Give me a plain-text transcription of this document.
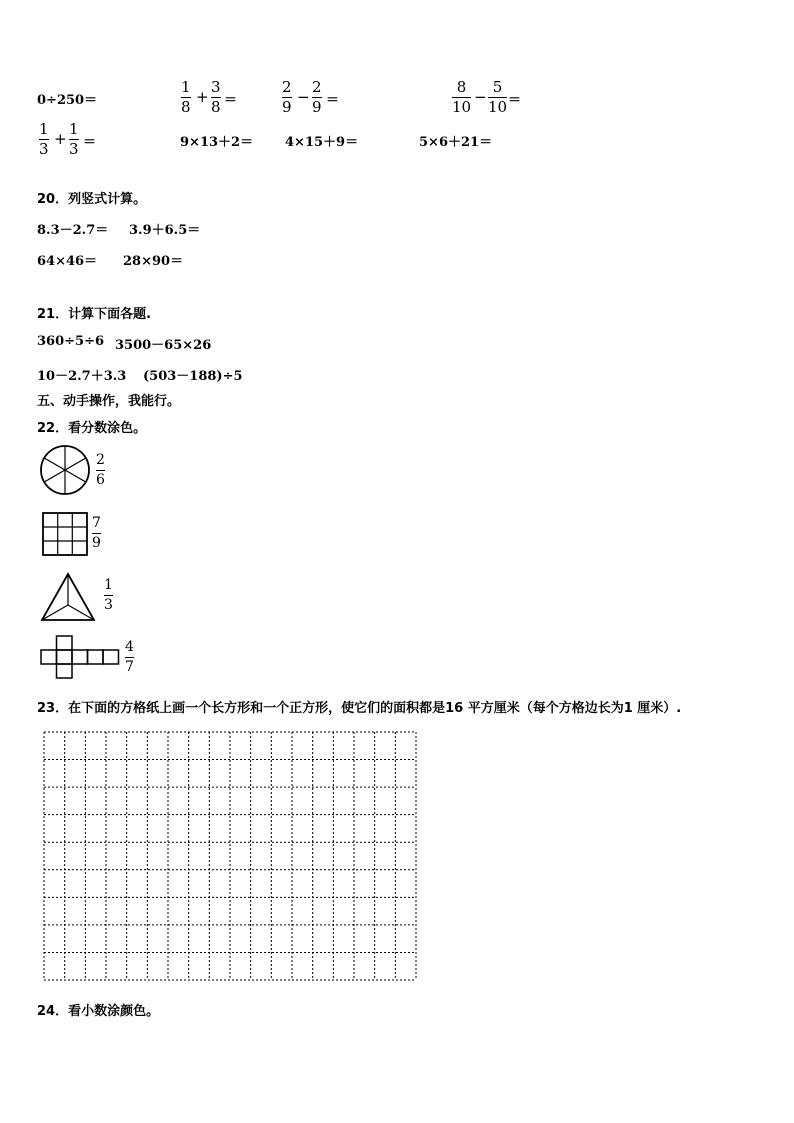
0÷250＝
1
8
+
3
8 ＝
2
9
−
2
9 ＝
8
10
−
5
10 ＝
1
3
+
1
3 ＝	9×13＋2＝ 4×15＋9＝	5×6＋21＝
20．列竖式计算。
8.3－2.7＝ 3.9＋6.5＝
64×46＝ 28×90＝
21．计算下面各题.
360÷5÷6 3500－65×26
10－2.7＋3.3 (503－188)÷5
五、动手操作，我能行。
22．看分数涂色。
2
6
7
9
1
3
4
7
23．在下面的方格纸上画一个长方形和一个正方形，使它们的面积都是16 平方厘米（每个方格边长为1 厘米）.
24．看小数涂颜色。
